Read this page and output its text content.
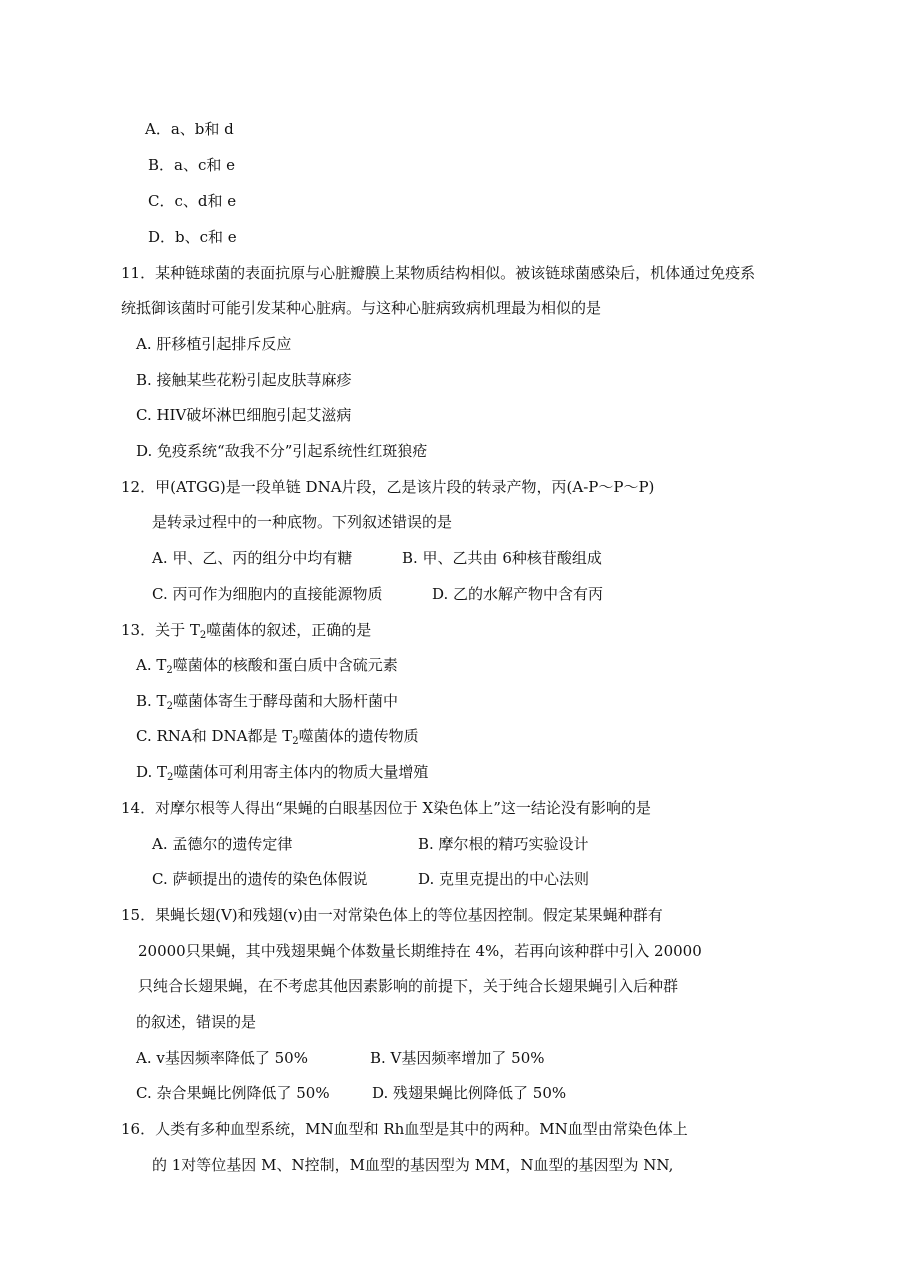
A．a、b和 d
B．a、c和 e
C．c、d和 e
D．b、c和 e
11．某种链球菌的表面抗原与心脏瓣膜上某物质结构相似。被该链球菌感染后，机体通过免疫系
统抵御该菌时可能引发某种心脏病。与这种心脏病致病机理最为相似的是
A. 肝移植引起排斥反应
B. 接触某些花粉引起皮肤荨麻疹
C. HIV破坏淋巴细胞引起艾滋病
D. 免疫系统“敌我不分”引起系统性红斑狼疮
12．甲(ATGG)是一段单链 DNA片段，乙是该片段的转录产物，丙(A-P～P～P)
是转录过程中的一种底物。下列叙述错误的是
A. 甲、乙、丙的组分中均有糖	B. 甲、乙共由 6种核苷酸组成
C. 丙可作为细胞内的直接能源物质	D. 乙的水解产物中含有丙
13．关于 $T_2$噬菌体的叙述，正确的是
A. $T_2$噬菌体的核酸和蛋白质中含硫元素
B. $T_2$噬菌体寄生于酵母菌和大肠杆菌中
C. RNA和 DNA都是 $T_2$噬菌体的遗传物质
D. $T_2$噬菌体可利用寄主体内的物质大量增殖
14．对摩尔根等人得出“果蝇的白眼基因位于 X染色体上”这一结论没有影响的是
A. 孟德尔的遗传定律	B. 摩尔根的精巧实验设计
C. 萨顿提出的遗传的染色体假说	D. 克里克提出的中心法则
15．果蝇长翅(V)和残翅(v)由一对常染色体上的等位基因控制。假定某果蝇种群有
20000只果蝇，其中残翅果蝇个体数量长期维持在 4%，若再向该种群中引入 20000
只纯合长翅果蝇，在不考虑其他因素影响的前提下，关于纯合长翅果蝇引入后种群
的叙述，错误的是
A. v基因频率降低了 50%	B. V基因频率增加了 50%
C. 杂合果蝇比例降低了 50%	D. 残翅果蝇比例降低了 50%
16．人类有多种血型系统，MN血型和 Rh血型是其中的两种。MN血型由常染色体上
的 1对等位基因 M、N控制，M血型的基因型为 MM，N血型的基因型为 NN,
